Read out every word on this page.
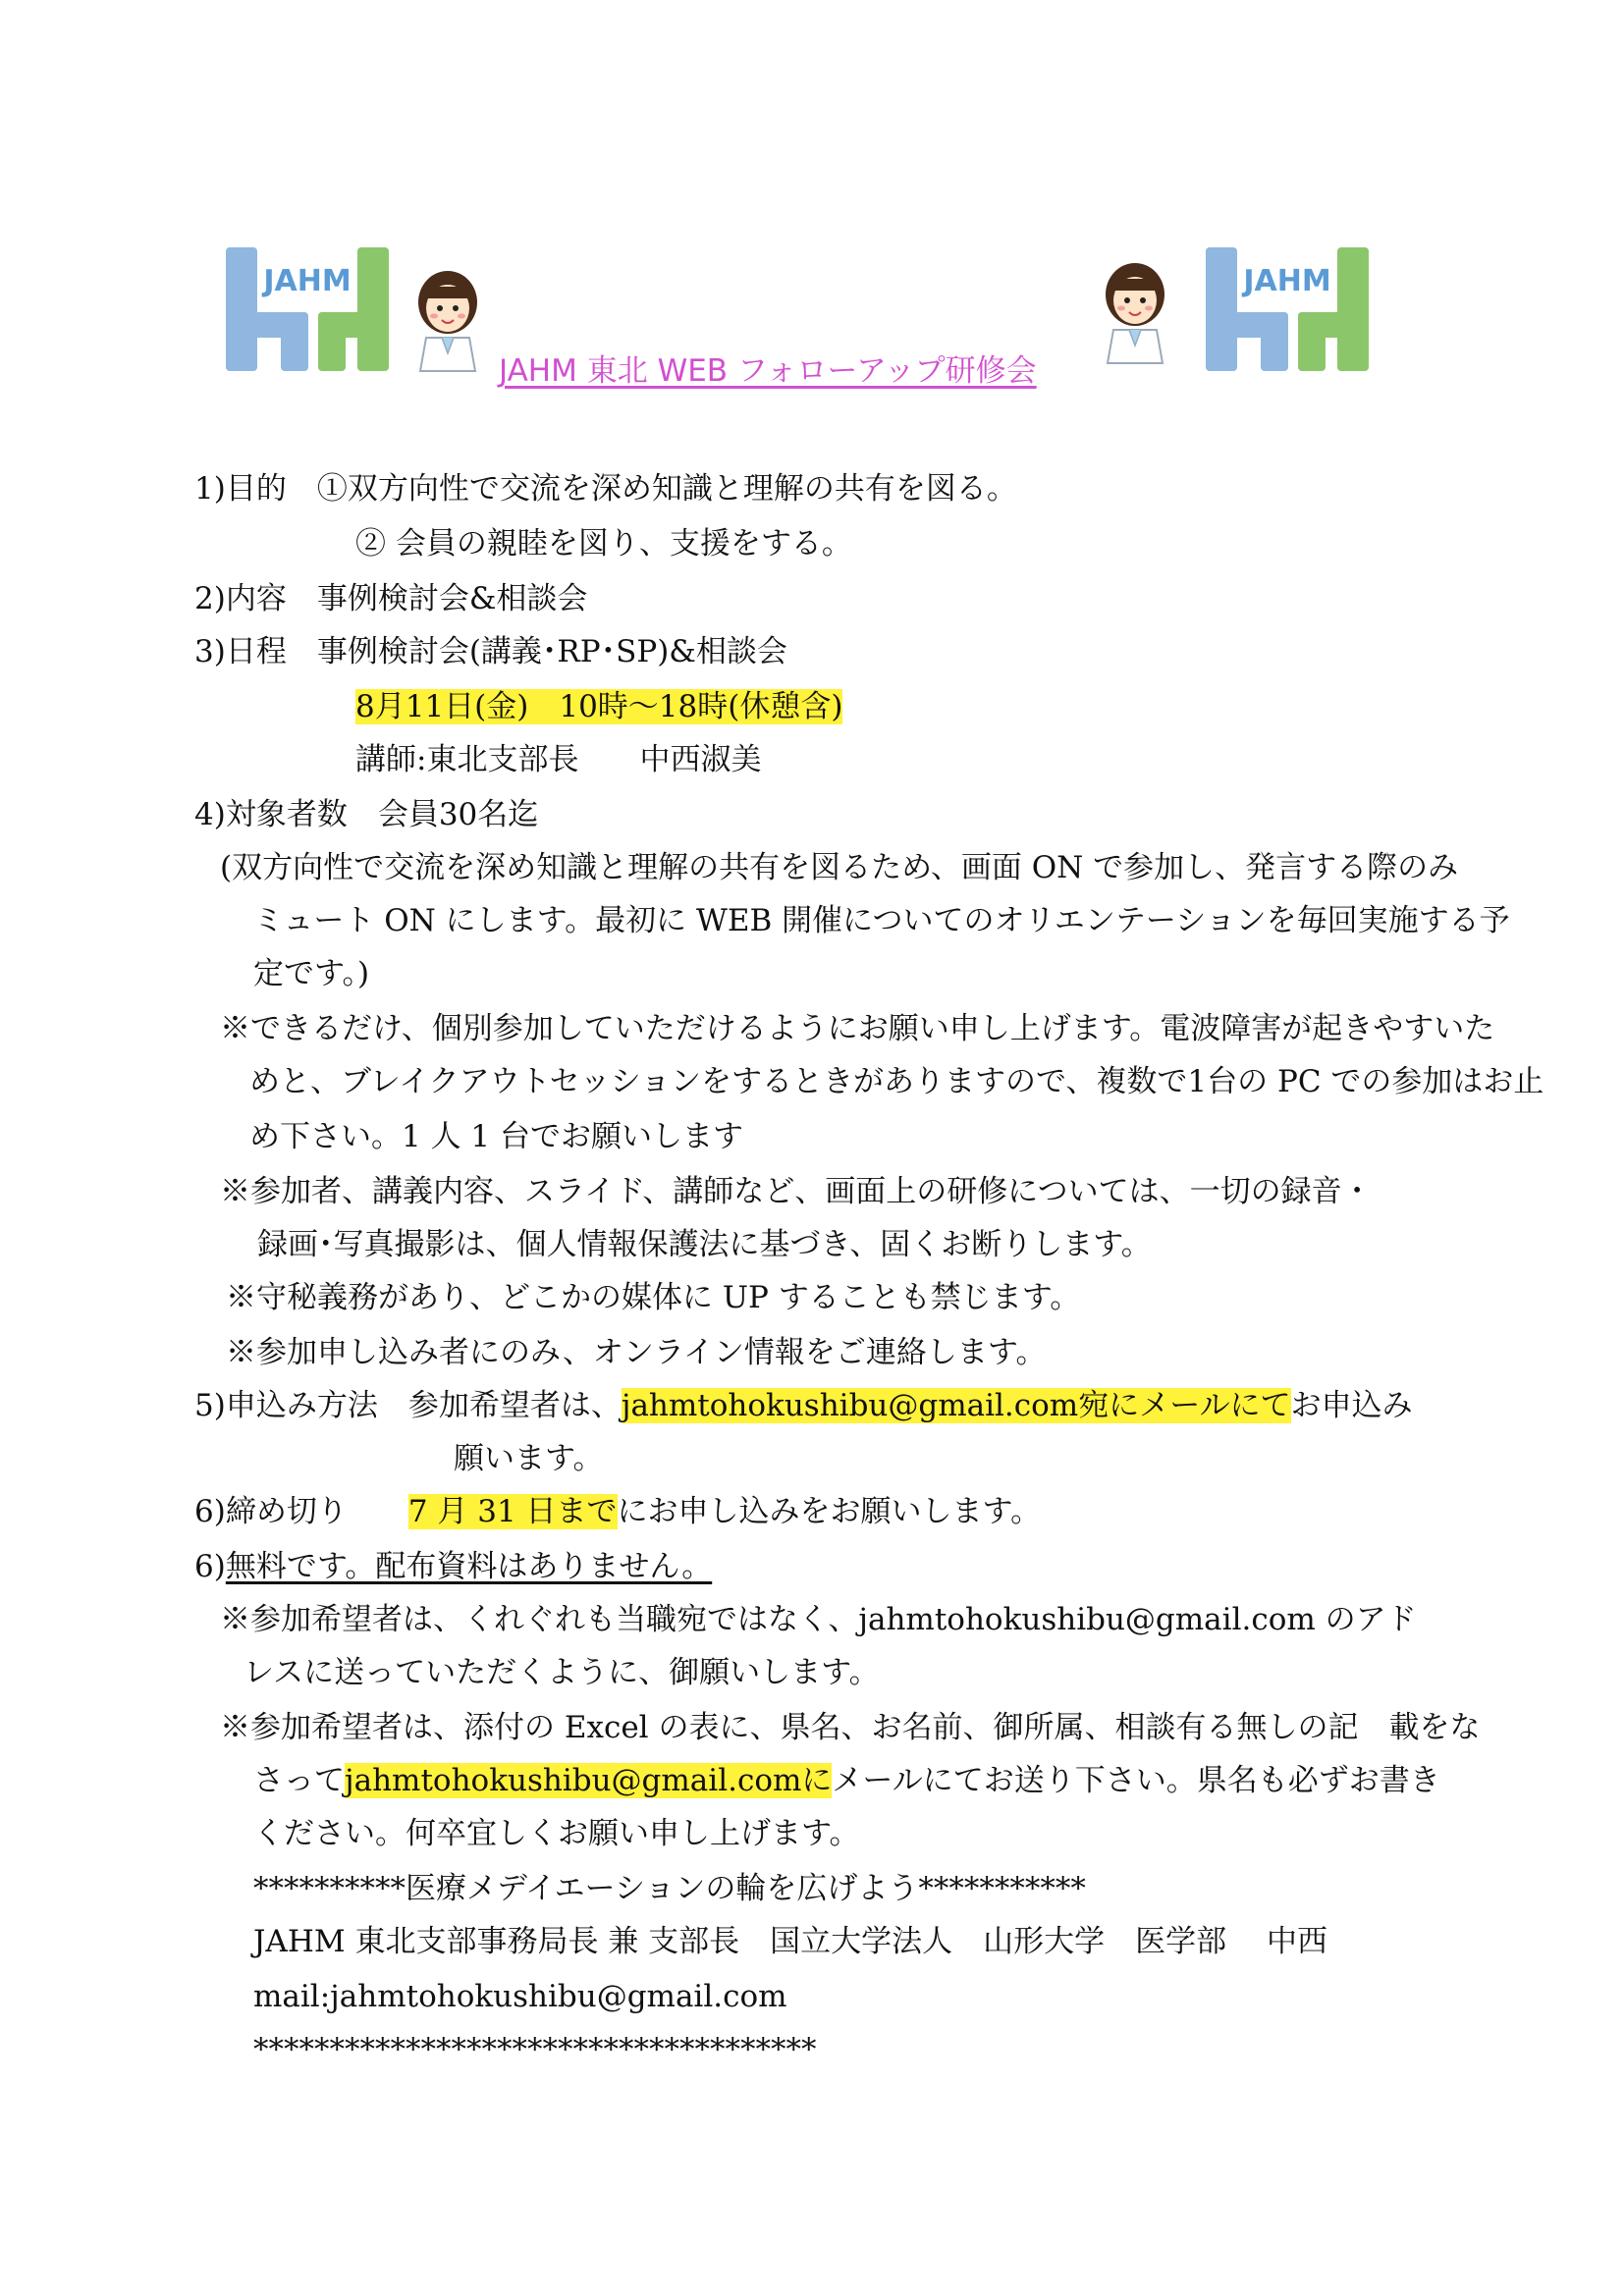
JAHM	JAHM
JAHM 東北 WEB フォローアップ研修会
1)目的　①双方向性で交流を深め知識と理解の共有を図る。
② 会員の親睦を図り、支援をする。
2)内容　事例検討会&相談会
3)日程　事例検討会(講義･RP･SP)&相談会
8月11日(金)　10時～18時(休憩含)
講師:東北支部長　　中西淑美
4)対象者数　会員30名迄
(双方向性で交流を深め知識と理解の共有を図るため、画面 ON で参加し、発言する際のみ
ミュート ON にします。最初に WEB 開催についてのオリエンテーションを毎回実施する予
定です。)
※できるだけ、個別参加していただけるようにお願い申し上げます。電波障害が起きやすいた
めと、ブレイクアウトセッションをするときがありますので、複数で1台の PC での参加はお止
め下さい。1 人 1 台でお願いします
※参加者、講義内容、スライド、講師など、画面上の研修については、一切の録音・
録画･写真撮影は、個人情報保護法に基づき、固くお断りします。
※守秘義務があり、どこかの媒体に UP することも禁じます。
※参加申し込み者にのみ、オンライン情報をご連絡します。
5)申込み方法　参加希望者は、jahmtohokushibu@gmail.com宛にメールにてお申込み
願います。
6)締め切り　　7 月 31 日までにお申し込みをお願いします。
6)無料です。配布資料はありません。
※参加希望者は、くれぐれも当職宛ではなく、jahmtohokushibu@gmail.com のアド
レスに送っていただくように、御願いします。
※参加希望者は、添付の Excel の表に、県名、お名前、御所属、相談有る無しの記　載をな
さってjahmtohokushibu@gmail.comにメールにてお送り下さい。県名も必ずお書き
ください。何卒宜しくお願い申し上げます。
**********医療メデイエーションの輪を広げよう***********
JAHM 東北支部事務局長 兼 支部長　国立大学法人　山形大学　医学部　 中西
mail:jahmtohokushibu@gmail.com
*************************************
